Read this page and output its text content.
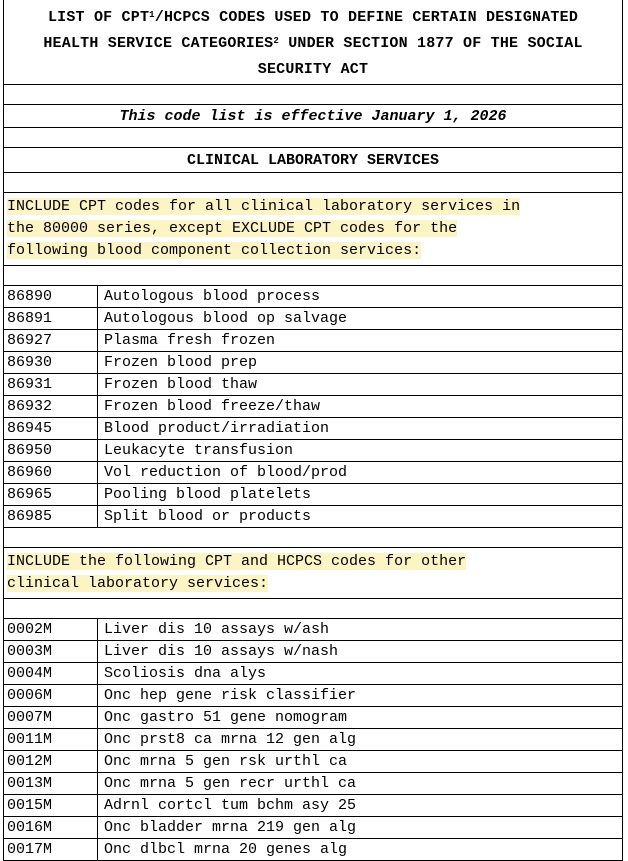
LIST OF CPT$^1$/HCPCS CODES USED TO DEFINE CERTAIN DESIGNATED
HEALTH SERVICE CATEGORIES$^2$ UNDER SECTION 1877 OF THE SOCIAL
SECURITY ACT
This code list is effective January 1, 2026
CLINICAL LABORATORY SERVICES
INCLUDE CPT codes for all clinical laboratory services in
the 80000 series, except EXCLUDE CPT codes for the
following blood component collection services:
86890	Autologous blood process
86891	Autologous blood op salvage
86927	Plasma fresh frozen
86930	Frozen blood prep
86931	Frozen blood thaw
86932	Frozen blood freeze/thaw
86945	Blood product/irradiation
86950	Leukacyte transfusion
86960	Vol reduction of blood/prod
86965	Pooling blood platelets
86985	Split blood or products
INCLUDE the following CPT and HCPCS codes for other
clinical laboratory services:
0002M	Liver dis 10 assays w/ash
0003M	Liver dis 10 assays w/nash
0004M	Scoliosis dna alys
0006M	Onc hep gene risk classifier
0007M	Onc gastro 51 gene nomogram
0011M	Onc prst8 ca mrna 12 gen alg
0012M	Onc mrna 5 gen rsk urthl ca
0013M	Onc mrna 5 gen recr urthl ca
0015M	Adrnl cortcl tum bchm asy 25
0016M	Onc bladder mrna 219 gen alg
0017M	Onc dlbcl mrna 20 genes alg
